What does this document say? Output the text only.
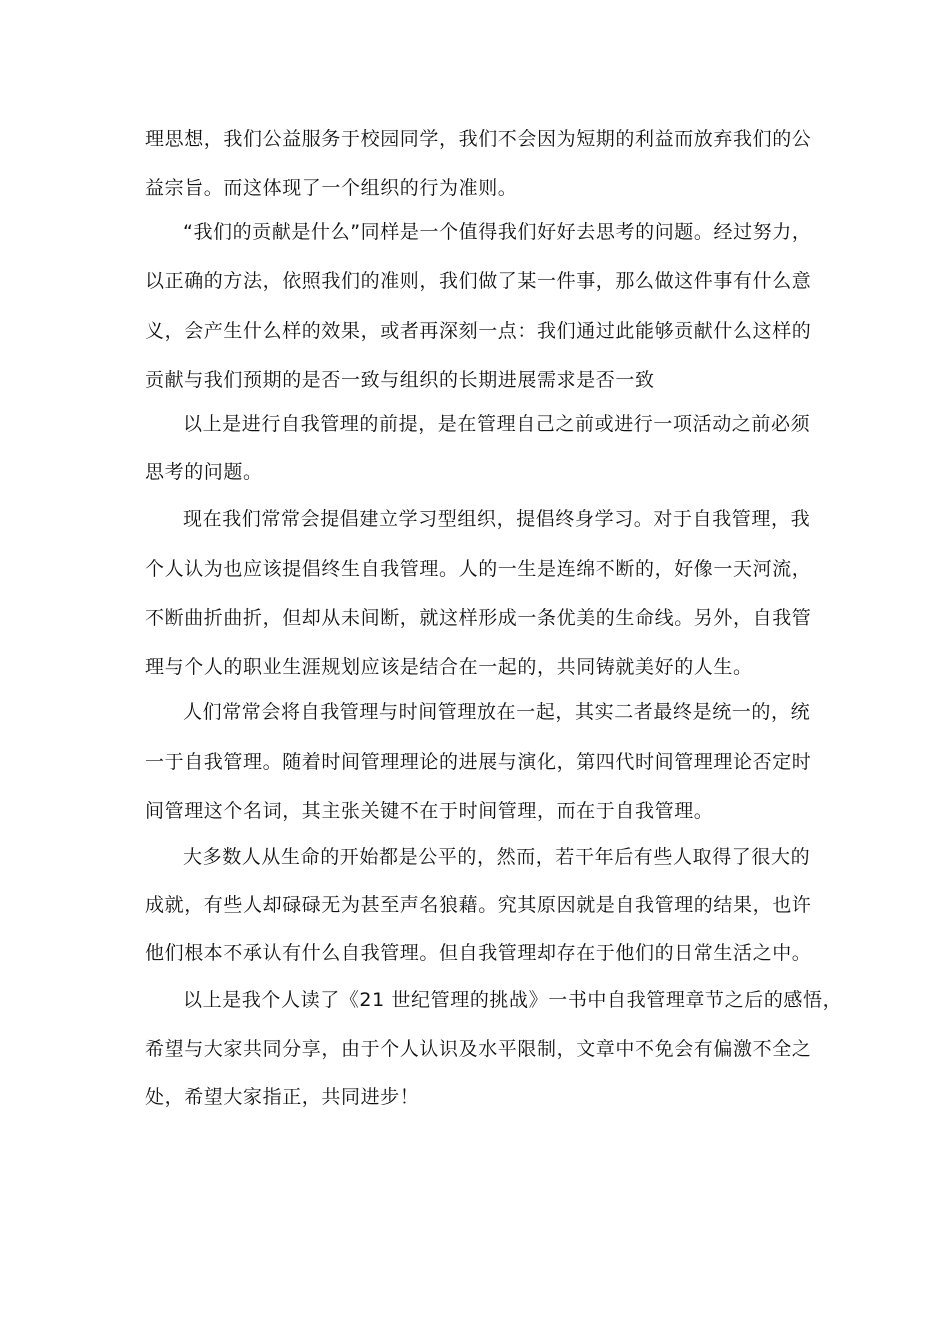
理思想，我们公益服务于校园同学，我们不会因为短期的利益而放弃我们的公
益宗旨。而这体现了一个组织的行为准则。
“我们的贡献是什么”同样是一个值得我们好好去思考的问题。经过努力，
以正确的方法，依照我们的准则，我们做了某一件事，那么做这件事有什么意
义，会产生什么样的效果，或者再深刻一点：我们通过此能够贡献什么这样的
贡献与我们预期的是否一致与组织的长期进展需求是否一致
以上是进行自我管理的前提，是在管理自己之前或进行一项活动之前必须
思考的问题。
现在我们常常会提倡建立学习型组织，提倡终身学习。对于自我管理，我
个人认为也应该提倡终生自我管理。人的一生是连绵不断的，好像一天河流，
不断曲折曲折，但却从未间断，就这样形成一条优美的生命线。另外，自我管
理与个人的职业生涯规划应该是结合在一起的，共同铸就美好的人生。
人们常常会将自我管理与时间管理放在一起，其实二者最终是统一的，统
一于自我管理。随着时间管理理论的进展与演化，第四代时间管理理论否定时
间管理这个名词，其主张关键不在于时间管理，而在于自我管理。
大多数人从生命的开始都是公平的，然而，若干年后有些人取得了很大的
成就，有些人却碌碌无为甚至声名狼藉。究其原因就是自我管理的结果，也许
他们根本不承认有什么自我管理。但自我管理却存在于他们的日常生活之中。
以上是我个人读了《21 世纪管理的挑战》一书中自我管理章节之后的感悟，
希望与大家共同分享，由于个人认识及水平限制，文章中不免会有偏激不全之
处，希望大家指正，共同进步！
